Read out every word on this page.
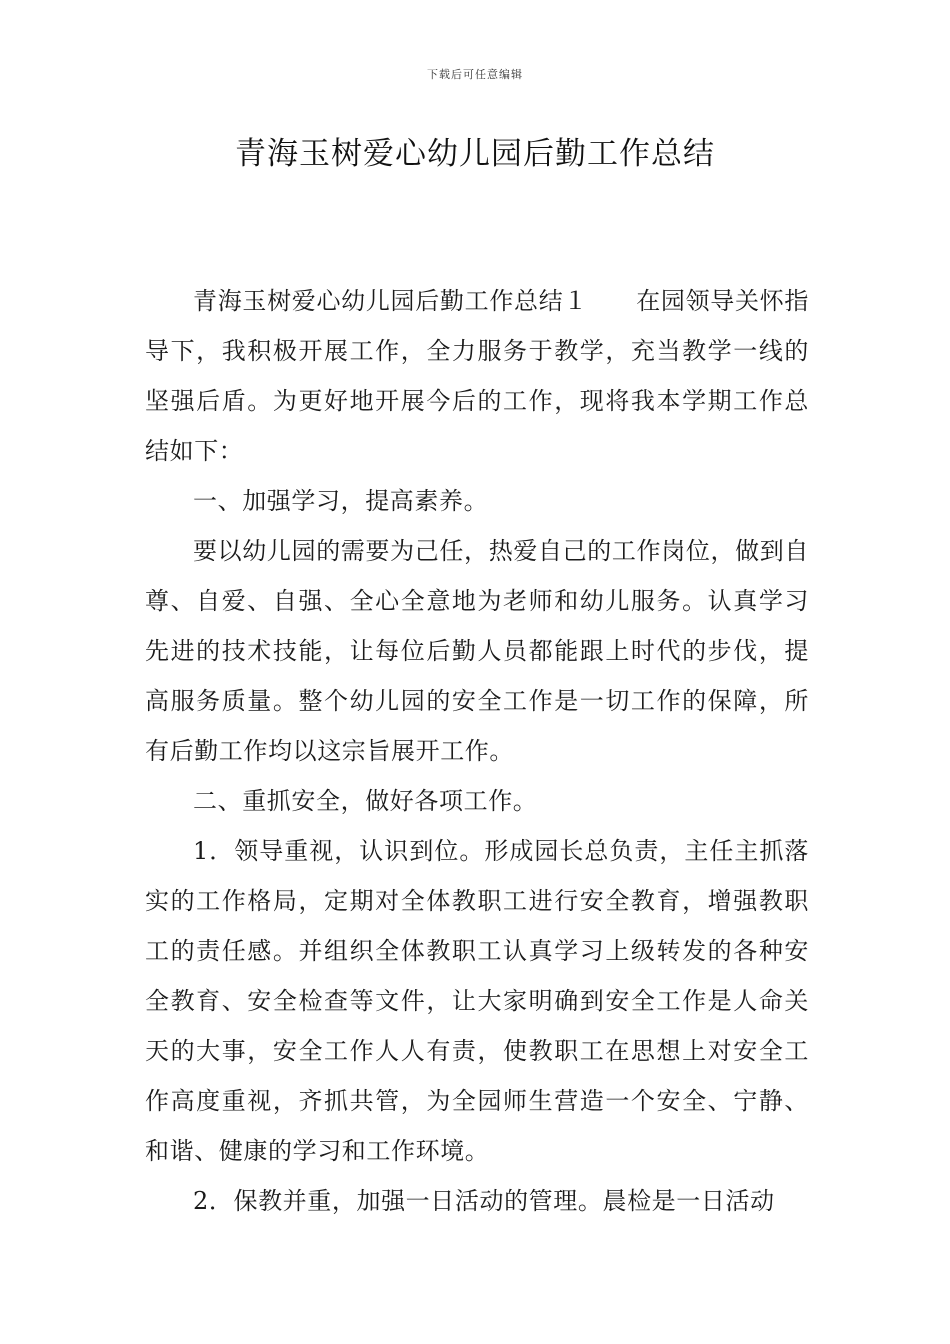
下载后可任意编辑
青海玉树爱心幼儿园后勤工作总结

青海玉树爱心幼儿园后勤工作总结１ 在园领导关怀指导下，我积极开展工作，全力服务于教学，充当教学一线的坚强后盾。为更好地开展今后的工作，现将我本学期工作总结如下：

一、加强学习，提高素养。

要以幼儿园的需要为己任，热爱自己的工作岗位，做到自尊、自爱、自强、全心全意地为老师和幼儿服务。认真学习先进的技术技能，让每位后勤人员都能跟上时代的步伐，提高服务质量。整个幼儿园的安全工作是一切工作的保障，所有后勤工作均以这宗旨展开工作。

二、重抓安全，做好各项工作。

1．领导重视，认识到位。形成园长总负责，主任主抓落实的工作格局，定期对全体教职工进行安全教育，增强教职工的责任感。并组织全体教职工认真学习上级转发的各种安全教育、安全检查等文件，让大家明确到安全工作是人命关天的大事，安全工作人人有责，使教职工在思想上对安全工作高度重视，齐抓共管，为全园师生营造一个安全、宁静、和谐、健康的学习和工作环境。

2．保教并重，加强一日活动的管理。晨检是一日活动
